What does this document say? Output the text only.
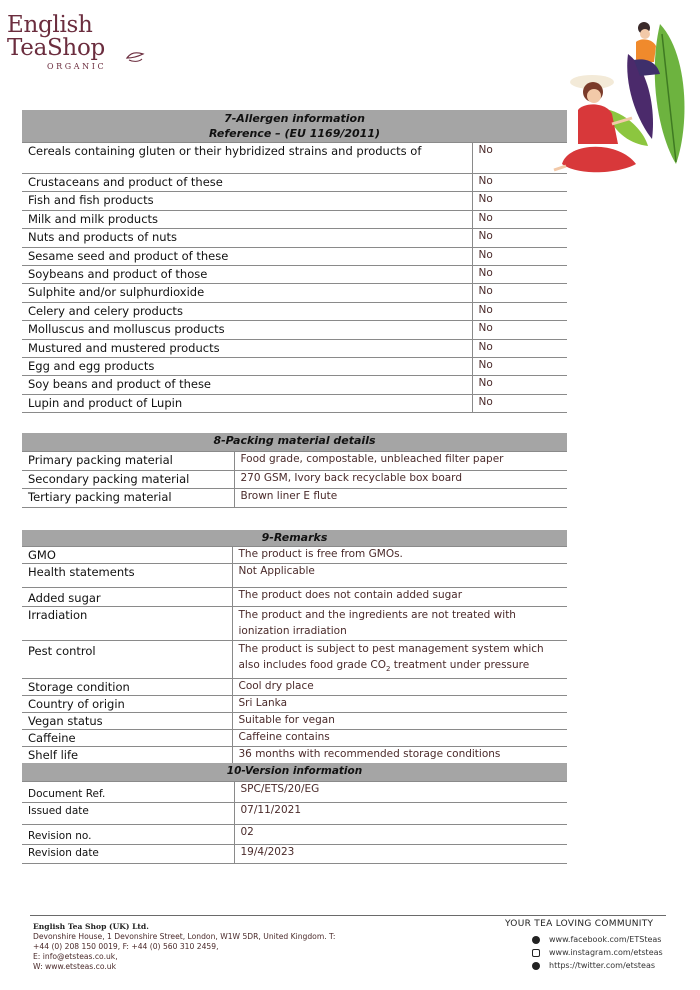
English
TeaShop
ORGANIC
7-Allergen information
Reference – (EU 1169/2011)	

Cereals containing gluten or their hybridized strains and products of	No
Crustaceans and product of these	No
Fish and fish products	No
Milk and milk products	No
Nuts and products of nuts	No
Sesame seed and product of these	No
Soybeans and product of those	No
Sulphite and/or sulphurdioxide	No
Celery and celery products	No
Molluscus and molluscus products	No
Mustured and mustered products	No
Egg and egg products	No
Soy beans and product of these	No
Lupin and product of Lupin	No
8-Packing material details	
Primary packing material	Food grade, compostable, unbleached filter paper
Secondary packing material	270 GSM, Ivory back recyclable box board
Tertiary packing material	Brown liner E flute
9-Remarks	
GMO	The product is free from GMOs.
Health statements	Not Applicable
Added sugar	The product does not contain added sugar
Irradiation	The product and the ingredients are not treated with ionization irradiation
Pest control	The product is subject to pest management system which also includes food grade $CO_2$ treatment under pressure
Storage condition	Cool dry place
Country of origin	Sri Lanka
Vegan status	Suitable for vegan
Caffeine	Caffeine contains
Shelf life	36 months with recommended storage conditions
10-Version information	
Document Ref.	SPC/ETS/20/EG
Issued date	07/11/2021
Revision no.	02
Revision date	19/4/2023
English Tea Shop (UK) Ltd.
Devonshire House, 1 Devonshire Street, London, W1W 5DR, United Kingdom. T:
+44 (0) 208 150 0019, F: +44 (0) 560 310 2459,
E: info@etsteas.co.uk,
W: www.etsteas.co.uk
YOUR TEA LOVING COMMUNITY
www.facebook.com/ETSteas
www.instagram.com/etsteas
https://twitter.com/etsteas
